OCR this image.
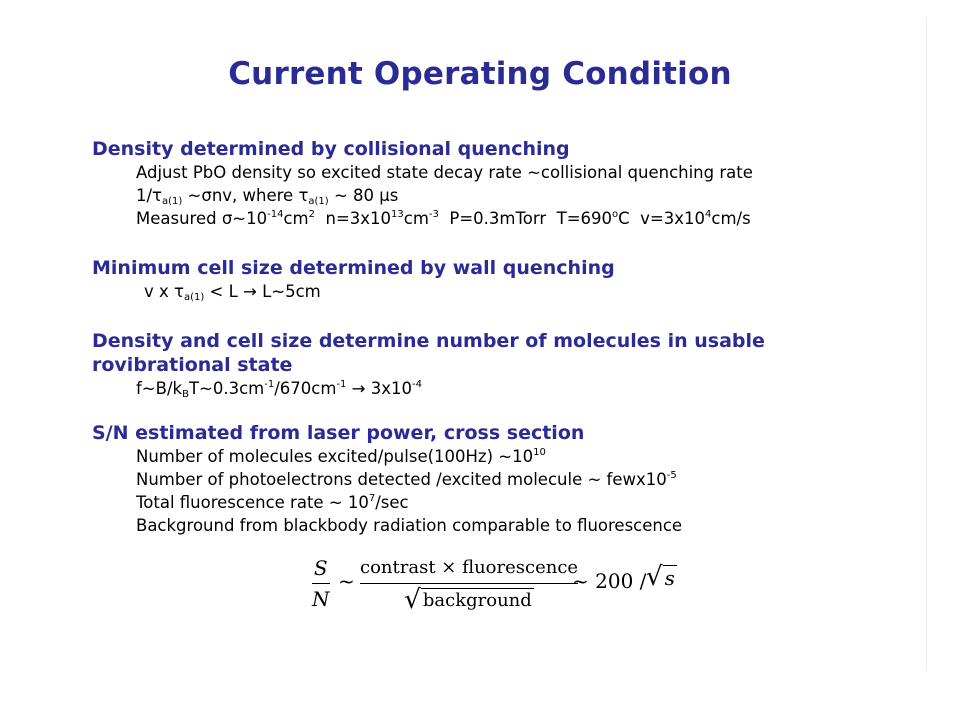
Current Operating Condition
Density determined by collisional quenching
Adjust PbO density so excited state decay rate ~collisional quenching rate
$1/\tau_{a(1)}$ ~σnv, where $\tau_{a(1)}$ ~ 80 μs
Measured $\sigma\sim 10^{-14}cm^2$  $n=3x10^{13}cm^{-3}$  P=0.3mTorr  $T=690^oC$  $v=3x10^4cm/s$
Minimum cell size determined by wall quenching
v x $\tau_{a(1)} < L$ → L~5cm
Density and cell size determine number of molecules in usable
rovibrational state
$f\sim B/k_BT\sim 0.3cm^{-1}/670cm^{-1} \to 3x10^{-4}$
S/N estimated from laser power, cross section
Number of molecules excited/pulse(100Hz) $\sim 10^{10}$
Number of photoelectrons detected /excited molecule ~ $fewx10^{-5}$
Total fluorescence rate ~ $10^7/\sec$
Background from blackbody radiation comparable to fluorescence
S
N
~
contrast × fluorescence
√ background
~ 200 / √ s
